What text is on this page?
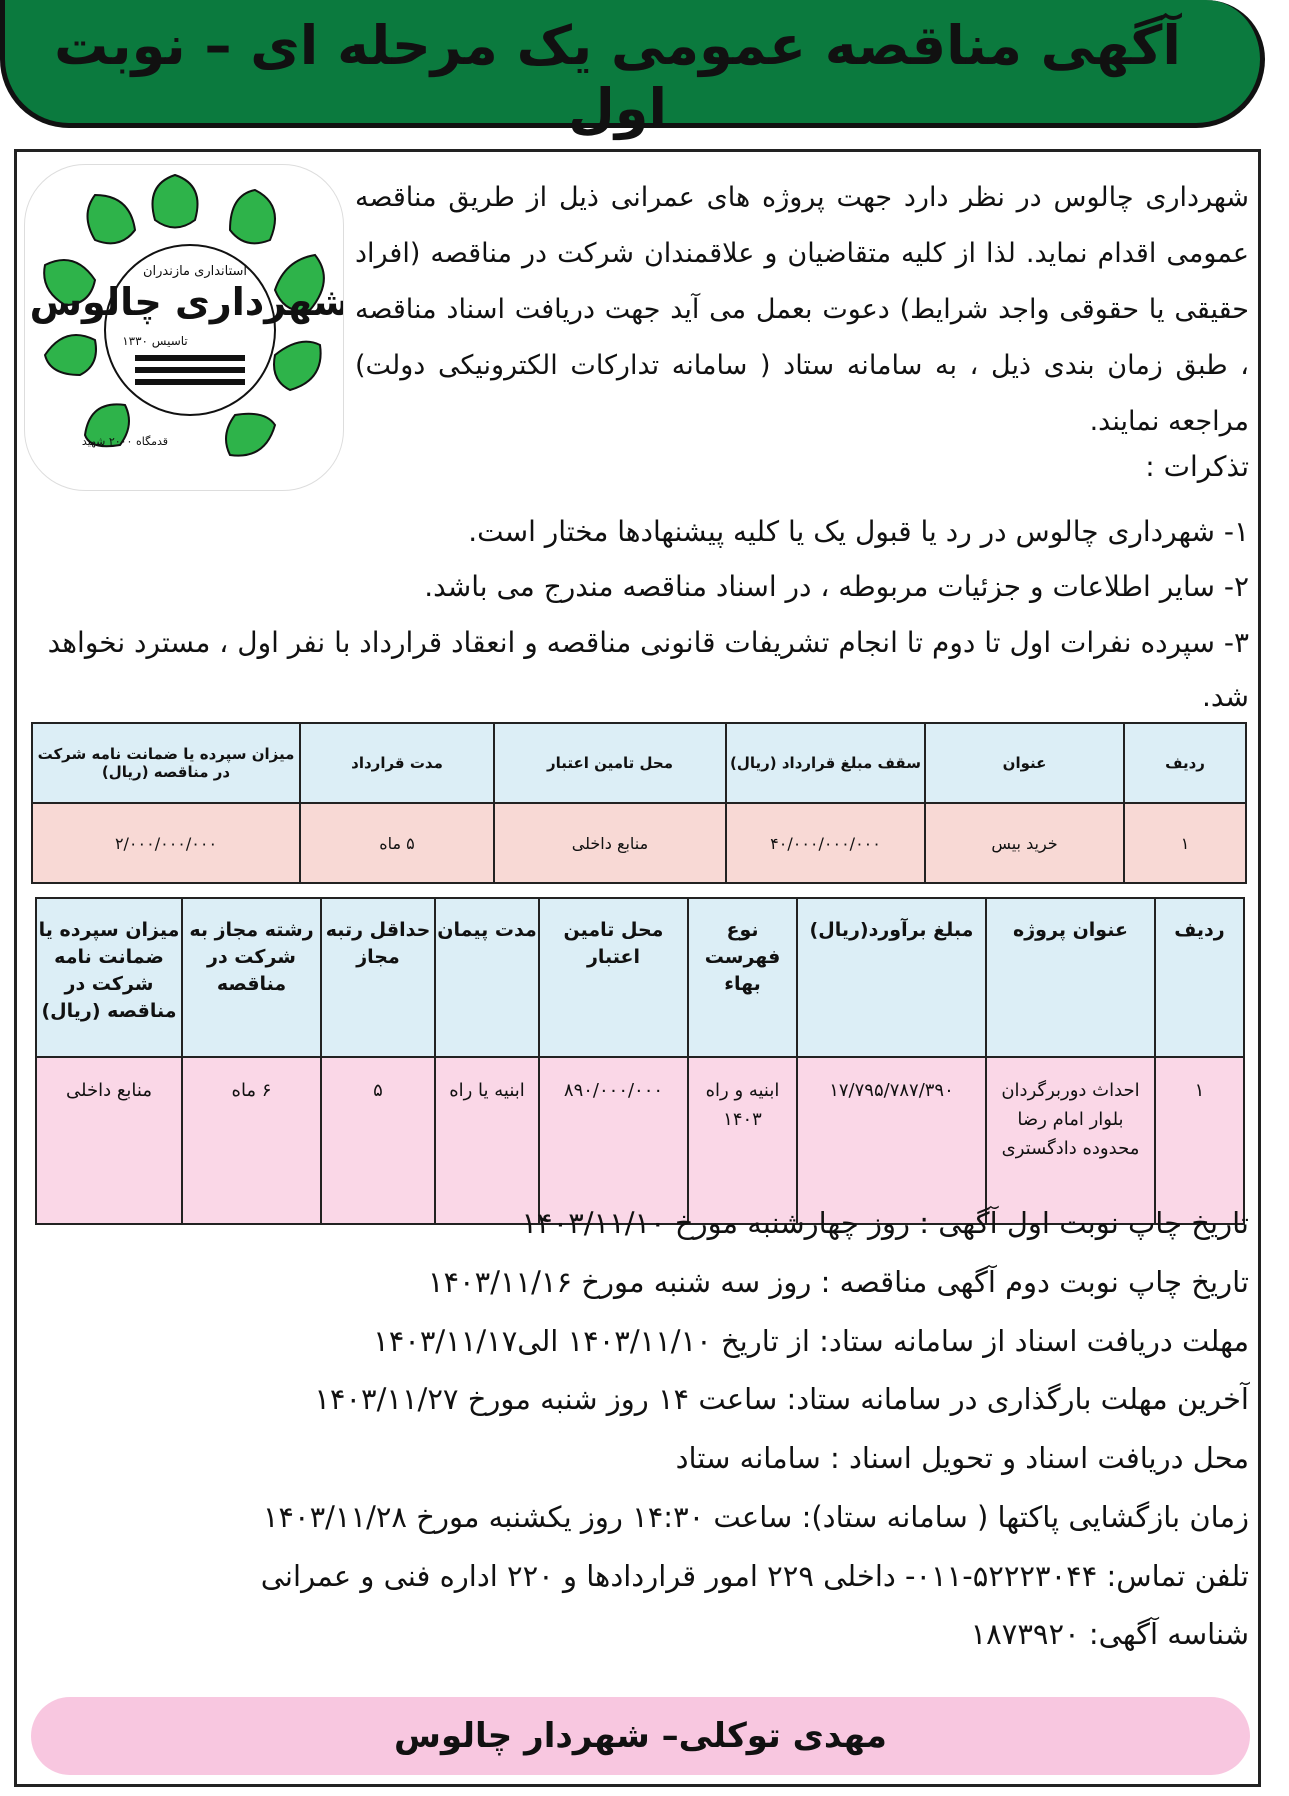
آگهی مناقصه عمومی یک مرحله ای – نوبت اول
شهرداری چالوس
استانداری مازندران
تاسیس ۱۳۳۰
قدمگاه ۲۰۰۰ شهید
شهرداری چالوس در نظر دارد جهت پروژه های عمرانی ذیل از طریق مناقصه عمومی اقدام نماید. لذا از کلیه متقاضیان و علاقمندان شرکت در مناقصه (افراد حقیقی یا حقوقی واجد شرایط) دعوت بعمل می آید جهت دریافت اسناد مناقصه ، طبق زمان بندی ذیل ، به سامانه ستاد ( سامانه تدارکات الکترونیکی دولت) مراجعه نمایند.
تذکرات :
۱- شهرداری چالوس در رد یا قبول یک یا کلیه پیشنهادها مختار است.
۲- سایر اطلاعات و جزئیات مربوطه ، در اسناد مناقصه مندرج می باشد.
۳- سپرده نفرات اول تا دوم تا انجام تشریفات قانونی مناقصه و انعقاد قرارداد با نفر اول ، مسترد نخواهد شد.
ردیف	عنوان	سقف مبلغ قرارداد (ریال)	محل تامین اعتبار	مدت قرارداد	میزان سپرده یا ضمانت نامه شرکت در مناقصه (ریال)
۱	خرید بیس	۴۰/۰۰۰/۰۰۰/۰۰۰	منابع داخلی	۵ ماه	۲/۰۰۰/۰۰۰/۰۰۰
ردیف	عنوان پروژه	مبلغ برآورد(ریال)	نوع فهرست بهاء	محل تامین اعتبار	مدت پیمان	حداقل رتبه مجاز	رشته مجاز به شرکت در مناقصه	میزان سپرده یا ضمانت نامه شرکت در مناقصه (ریال)
۱	احداث دوربرگردان بلوار امام رضا محدوده دادگستری	۱۷/۷۹۵/۷۸۷/۳۹۰	ابنیه و راه ۱۴۰۳	۸۹۰/۰۰۰/۰۰۰	ابنیه یا راه	۵	۶ ماه	منابع داخلی
تاریخ چاپ نوبت اول آگهی : روز چهارشنبه مورخ ۱۴۰۳/۱۱/۱۰
تاریخ چاپ نوبت دوم آگهی مناقصه : روز سه شنبه مورخ ۱۴۰۳/۱۱/۱۶
مهلت دریافت اسناد از سامانه ستاد: از تاریخ ۱۴۰۳/۱۱/۱۰ الی۱۴۰۳/۱۱/۱۷
آخرین مهلت بارگذاری در سامانه ستاد: ساعت ۱۴ روز شنبه مورخ ۱۴۰۳/۱۱/۲۷
محل دریافت اسناد و تحویل اسناد : سامانه ستاد
زمان بازگشایی پاکتها ( سامانه ستاد): ساعت ۱۴:۳۰ روز یکشنبه مورخ ۱۴۰۳/۱۱/۲۸
تلفن تماس: ۵۲۲۲۳۰۴۴-۰۱۱- داخلی ۲۲۹ امور قراردادها و ۲۲۰ اداره فنی و عمرانی
شناسه آگهی: ۱۸۷۳۹۲۰
مهدی توکلی– شهردار چالوس
